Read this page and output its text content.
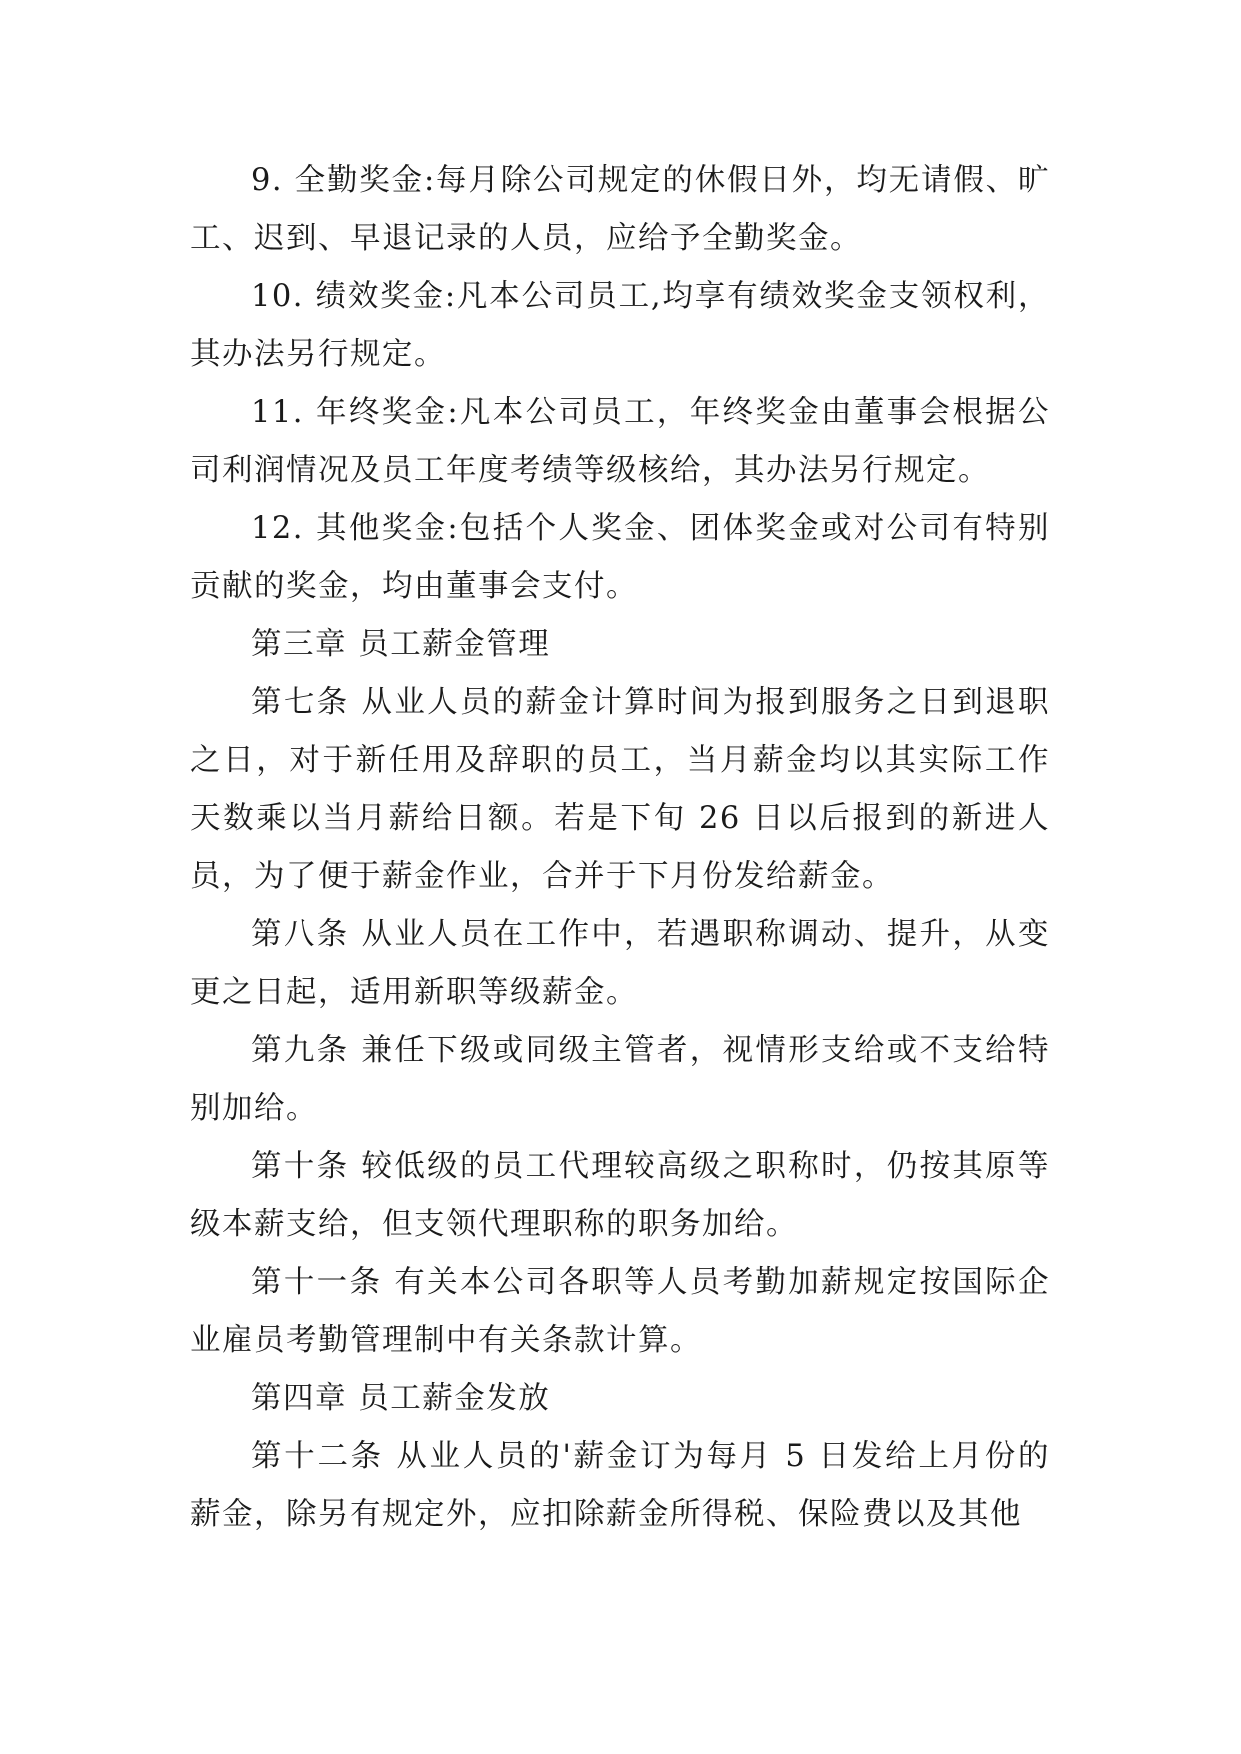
9. 全勤奖金:每月除公司规定的休假日外，均无请假、旷工、迟到、早退记录的人员，应给予全勤奖金。

10. 绩效奖金:凡本公司员工,均享有绩效奖金支领权利，其办法另行规定。

11. 年终奖金:凡本公司员工，年终奖金由董事会根据公司利润情况及员工年度考绩等级核给，其办法另行规定。

12. 其他奖金:包括个人奖金、团体奖金或对公司有特别贡献的奖金，均由董事会支付。

第三章 员工薪金管理

第七条 从业人员的薪金计算时间为报到服务之日到退职之日，对于新任用及辞职的员工，当月薪金均以其实际工作天数乘以当月薪给日额。若是下旬 26 日以后报到的新进人员，为了便于薪金作业，合并于下月份发给薪金。

第八条 从业人员在工作中，若遇职称调动、提升，从变更之日起，适用新职等级薪金。

第九条 兼任下级或同级主管者，视情形支给或不支给特别加给。

第十条 较低级的员工代理较高级之职称时，仍按其原等级本薪支给，但支领代理职称的职务加给。

第十一条 有关本公司各职等人员考勤加薪规定按国际企业雇员考勤管理制中有关条款计算。

第四章 员工薪金发放

第十二条 从业人员的'薪金订为每月 5 日发给上月份的薪金，除另有规定外，应扣除薪金所得税、保险费以及其他
